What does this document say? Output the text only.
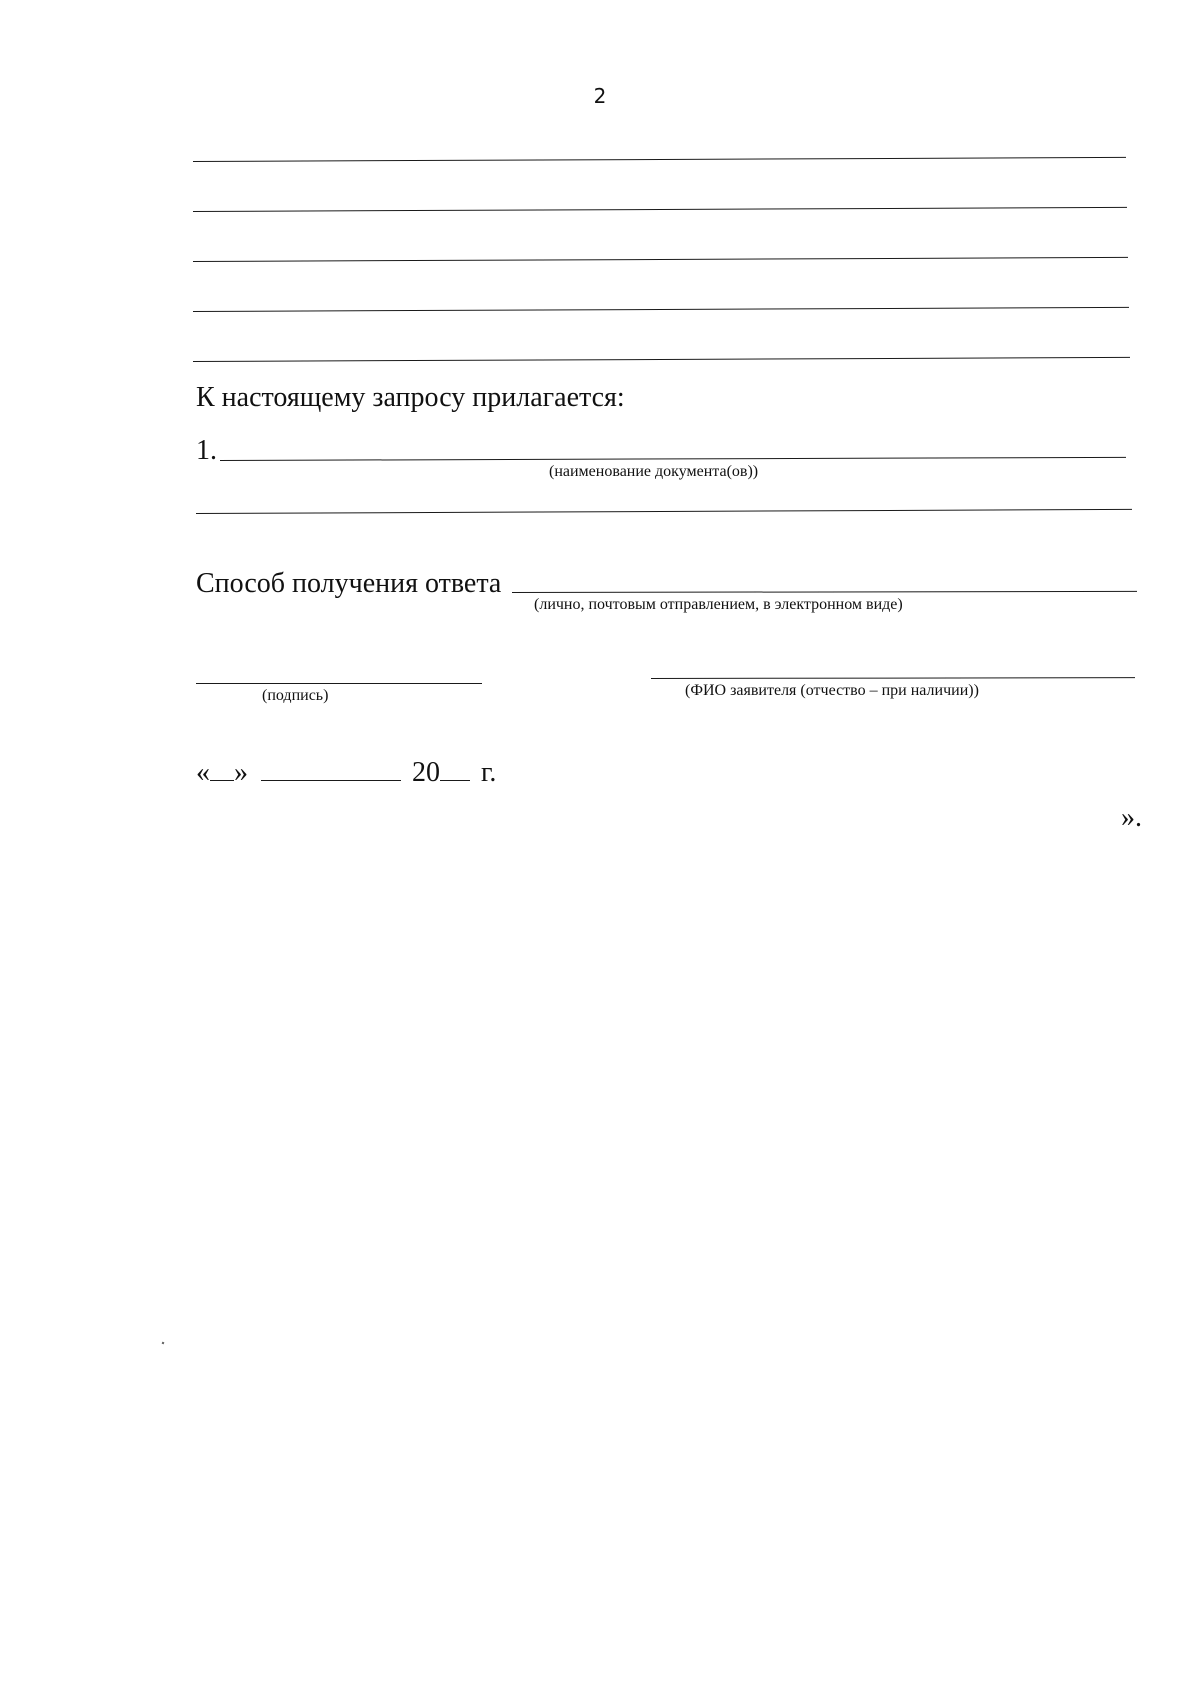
2
К настоящему запросу прилагается:
1.
(наименование документа(ов))
Способ получения ответа
(лично, почтовым отправлением, в электронном виде)
(подпись)	(ФИО заявителя (отчество – при наличии))
« »	20 г.
».
